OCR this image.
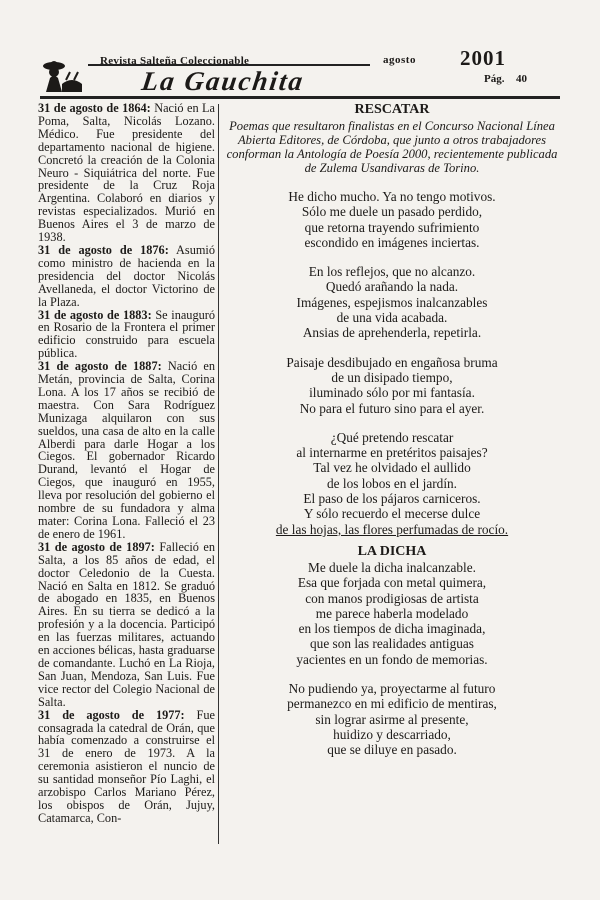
Revista Salteña Coleccionable
La Gauchita
agosto 2001
Pág. 40

31 de agosto de 1864: Nació en La Poma, Salta, Nicolás Lozano. Médico. Fue presidente del departamento nacional de higiene. Concretó la creación de la Colonia Neuro - Siquiátrica del norte. Fue presidente de la Cruz Roja Argentina. Colaboró en diarios y revistas especializados. Murió en Buenos Aires el 3 de marzo de 1938.

31 de agosto de 1876: Asumió como ministro de hacienda en la presidencia del doctor Nicolás Avellaneda, el doctor Victorino de la Plaza.

31 de agosto de 1883: Se inauguró en Rosario de la Frontera el primer edificio construido para escuela pública.

31 de agosto de 1887: Nació en Metán, provincia de Salta, Corina Lona. A los 17 años se recibió de maestra. Con Sara Rodríguez Munizaga alquilaron con sus sueldos, una casa de alto en la calle Alberdi para darle Hogar a los Ciegos. El gobernador Ricardo Durand, levantó el Hogar de Ciegos, que inauguró en 1955, lleva por resolución del gobierno el nombre de su fundadora y alma mater: Corina Lona. Falleció el 23 de enero de 1961.

31 de agosto de 1897: Falleció en Salta, a los 85 años de edad, el doctor Celedonio de la Cuesta. Nació en Salta en 1812. Se graduó de abogado en 1835, en Buenos Aires. En su tierra se dedicó a la profesión y a la docencia. Participó en las fuerzas militares, actuando en acciones bélicas, hasta graduarse de comandante. Luchó en La Rioja, San Juan, Mendoza, San Luis. Fue vice rector del Colegio Nacional de Salta.

31 de agosto de 1977: Fue consagrada la catedral de Orán, que había comenzado a construirse el 31 de enero de 1973. A la ceremonia asistieron el nuncio de su santidad monseñor Pío Laghi, el arzobispo Carlos Mariano Pérez, los obispos de Orán, Jujuy, Catamarca, Con-

RESCATAR
Poemas que resultaron finalistas en el Concurso Nacional Línea Abierta Editores, de Córdoba, que junto a otros trabajadores conforman la Antología de Poesía 2000, recientemente publicada de Zulema Usandivaras de Torino.
He dicho mucho. Ya no tengo motivos.
Sólo me duele un pasado perdido,
que retorna trayendo sufrimiento
escondido en imágenes inciertas.
En los reflejos, que no alcanzo.
Quedó arañando la nada.
Imágenes, espejismos inalcanzables
de una vida acabada.
Ansias de aprehenderla, repetirla.
Paisaje desdibujado en engañosa bruma
de un disipado tiempo,
iluminado sólo por mi fantasía.
No para el futuro sino para el ayer.
¿Qué pretendo rescatar
al internarme en pretéritos paisajes?
Tal vez he olvidado el aullido
de los lobos en el jardín.
El paso de los pájaros carniceros.
Y sólo recuerdo el mecerse dulce
de las hojas, las flores perfumadas de rocío.
LA DICHA
Me duele la dicha inalcanzable.
Esa que forjada con metal quimera,
con manos prodigiosas de artista
me parece haberla modelado
en los tiempos de dicha imaginada,
que son las realidades antiguas
yacientes en un fondo de memorias.
No pudiendo ya, proyectarme al futuro
permanezco en mi edificio de mentiras,
sin lograr asirme al presente,
huidizo y descarriado,
que se diluye en pasado.
